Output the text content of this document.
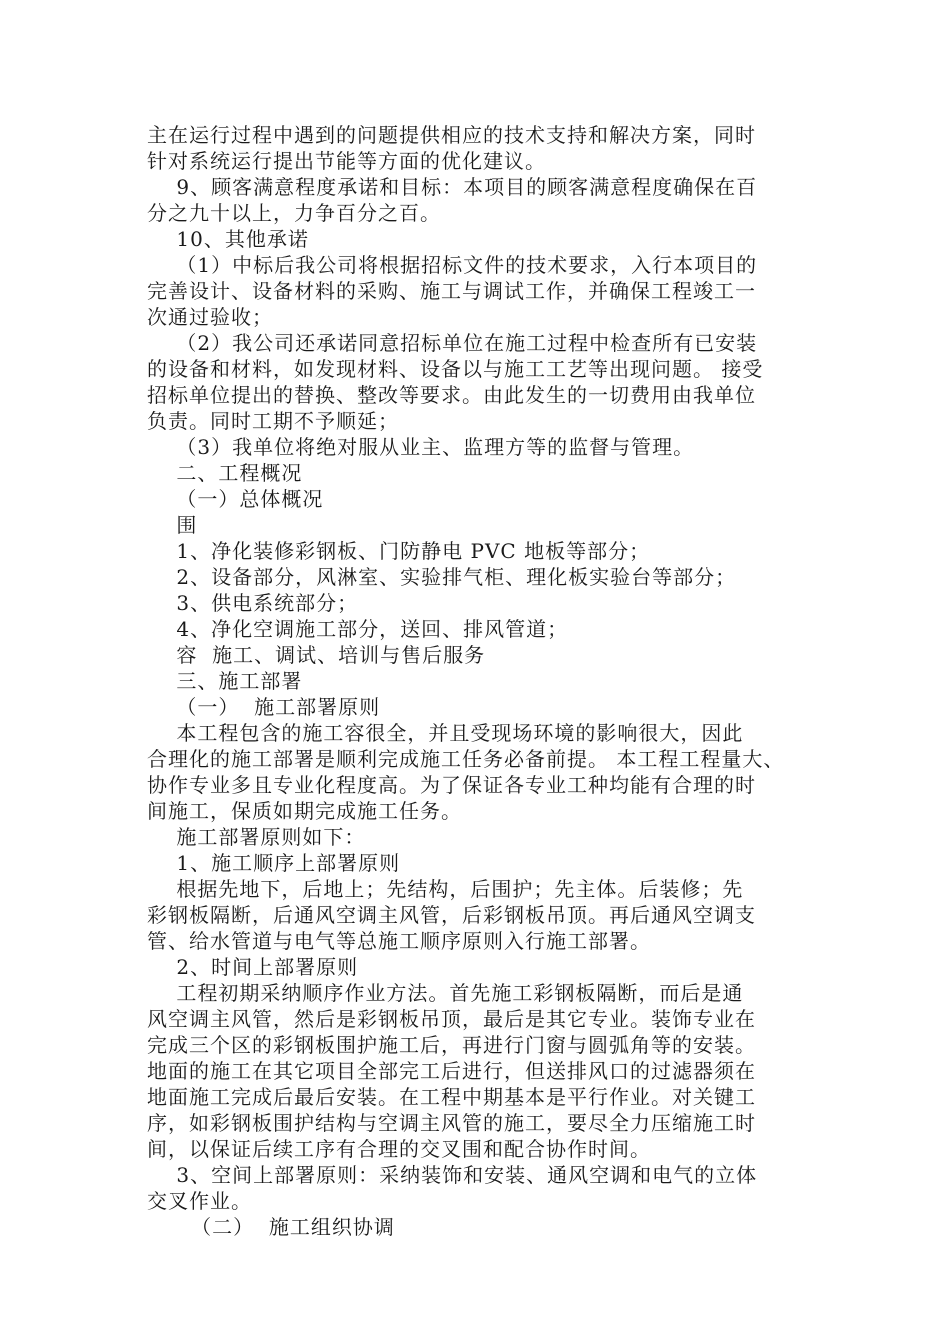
主在运行过程中遇到的问题提供相应的技术支持和解决方案，同时
针对系统运行提出节能等方面的优化建议。
9、顾客满意程度承诺和目标：本项目的顾客满意程度确保在百
分之九十以上，力争百分之百。
10、其他承诺
（1）中标后我公司将根据招标文件的技术要求，入行本项目的
完善设计、设备材料的采购、施工与调试工作，并确保工程竣工一
次通过验收；
（2）我公司还承诺同意招标单位在施工过程中检查所有已安装
的设备和材料，如发现材料、设备以与施工工艺等出现问题。 接受
招标单位提出的替换、整改等要求。由此发生的一切费用由我单位
负责。同时工期不予顺延；
（3）我单位将绝对服从业主、监理方等的监督与管理。
二、工程概况
（一）总体概况
围
1、净化装修彩钢板、门防静电 PVC 地板等部分；
2、设备部分，风淋室、实验排气柜、理化板实验台等部分；
3、供电系统部分；
4、净化空调施工部分，送回、排风管道；
容  施工、调试、培训与售后服务
三、施工部署
（一）  施工部署原则
本工程包含的施工容很全，并且受现场环境的影响很大，因此
合理化的施工部署是顺利完成施工任务必备前提。 本工程工程量大、
协作专业多且专业化程度高。为了保证各专业工种均能有合理的时
间施工，保质如期完成施工任务。
施工部署原则如下：
1、施工顺序上部署原则
根据先地下，后地上；先结构，后围护；先主体。后装修；先
彩钢板隔断，后通风空调主风管，后彩钢板吊顶。再后通风空调支
管、给水管道与电气等总施工顺序原则入行施工部署。
2、时间上部署原则
工程初期采纳顺序作业方法。首先施工彩钢板隔断，而后是通
风空调主风管，然后是彩钢板吊顶，最后是其它专业。装饰专业在
完成三个区的彩钢板围护施工后，再进行门窗与圆弧角等的安装。
地面的施工在其它项目全部完工后进行，但送排风口的过滤器须在
地面施工完成后最后安装。在工程中期基本是平行作业。对关键工
序，如彩钢板围护结构与空调主风管的施工，要尽全力压缩施工时
间，以保证后续工序有合理的交叉围和配合协作时间。
3、空间上部署原则：采纳装饰和安装、通风空调和电气的立体
交叉作业。
（二）  施工组织协调
